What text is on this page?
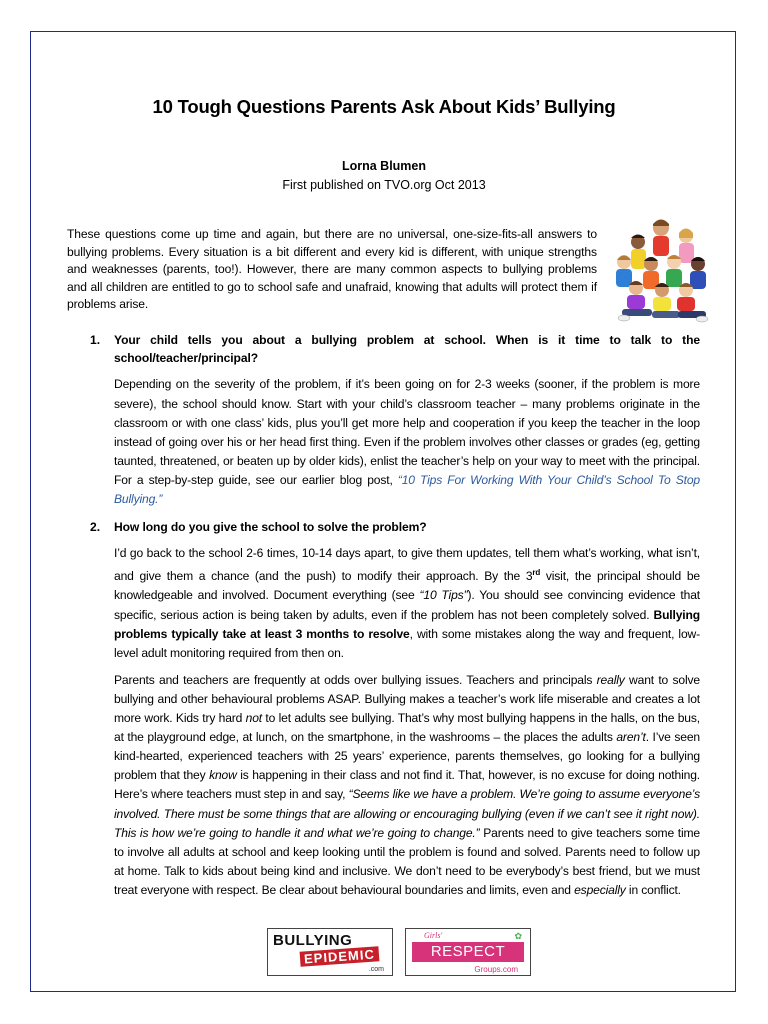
10 Tough Questions Parents Ask About Kids’ Bullying
Lorna Blumen
First published on TVO.org Oct 2013
These questions come up time and again, but there are no universal, one-size-fits-all answers to bullying problems. Every situation is a bit different and every kid is different, with unique strengths and weaknesses (parents, too!). However, there are many common aspects to bullying problems and all children are entitled to go to school safe and unafraid, knowing that adults will protect them if problems arise.
1. Your child tells you about a bullying problem at school. When is it time to talk to the school/teacher/principal?
Depending on the severity of the problem, if it’s been going on for 2-3 weeks (sooner, if the problem is more severe), the school should know. Start with your child’s classroom teacher – many problems originate in the classroom or with one class’ kids, plus you’ll get more help and cooperation if you keep the teacher in the loop instead of going over his or her head first thing. Even if the problem involves other classes or grades (eg, getting taunted, threatened, or beaten up by older kids), enlist the teacher’s help on your way to meet with the principal. For a step-by-step guide, see our earlier blog post, “10 Tips For Working With Your Child’s School To Stop Bullying.”
2. How long do you give the school to solve the problem?
I’d go back to the school 2-6 times, 10-14 days apart, to give them updates, tell them what’s working, what isn’t, and give them a chance (and the push) to modify their approach. By the 3rd visit, the principal should be knowledgeable and involved. Document everything (see “10 Tips”). You should see convincing evidence that specific, serious action is being taken by adults, even if the problem has not been completely solved. Bullying problems typically take at least 3 months to resolve, with some mistakes along the way and frequent, low-level adult monitoring required from then on.
Parents and teachers are frequently at odds over bullying issues. Teachers and principals really want to solve bullying and other behavioural problems ASAP. Bullying makes a teacher’s work life miserable and creates a lot more work. Kids try hard not to let adults see bullying. That’s why most bullying happens in the halls, on the bus, at the playground edge, at lunch, on the smartphone, in the washrooms – the places the adults aren’t. I’ve seen kind-hearted, experienced teachers with 25 years’ experience, parents themselves, go looking for a bullying problem that they know is happening in their class and not find it. That, however, is no excuse for doing nothing. Here’s where teachers must step in and say, “Seems like we have a problem. We’re going to assume everyone’s involved. There must be some things that are allowing or encouraging bullying (even if we can’t see it right now). This is how we’re going to handle it and what we’re going to change.” Parents need to give teachers some time to involve all adults at school and keep looking until the problem is found and solved. Parents need to follow up at home. Talk to kids about being kind and inclusive. We don’t need to be everybody’s best friend, but we must treat everyone with respect. Be clear about behavioural boundaries and limits, even and especially in conflict.
BULLYING
EPIDEMIC
.com
Girls'	✿
RESPECT
Groups.com
